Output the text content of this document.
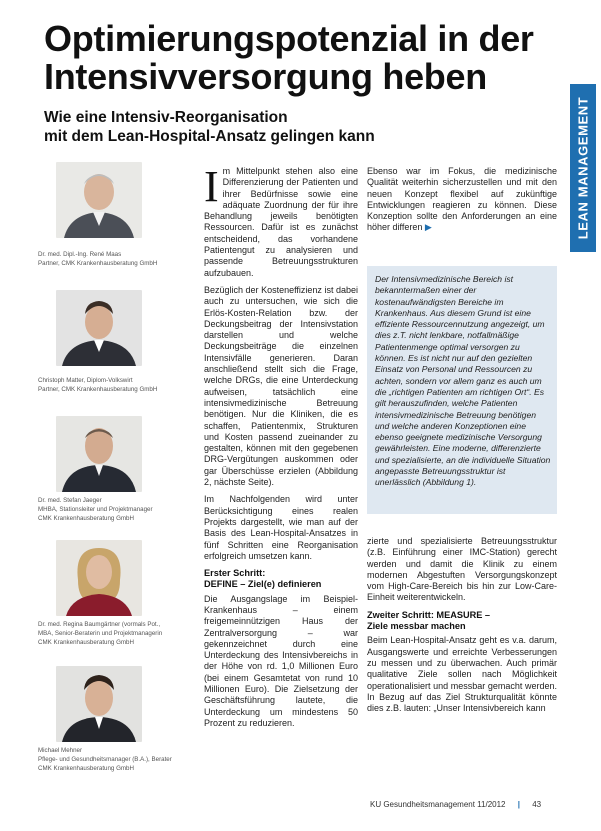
Optimierungspotenzial in der
Intensivversorgung heben
Wie eine Intensiv-Reorganisation
mit dem Lean-Hospital-Ansatz gelingen kann	LEAN MANAGEMENT
Dr. med. Dipl.-Ing. René Maas
Partner, CMK Krankenhausberatung GmbH
Christoph Matter, Diplom-Volkswirt
Partner, CMK Krankenhausberatung GmbH
Dr. med. Stefan Jaeger
MHBA, Stationsleiter und Projektmanager
CMK Krankenhausberatung GmbH
Dr. med. Regina Baumgärtner (vormals Pot.,
MBA, Senior-Beraterin und Projektmanagerin
CMK Krankenhausberatung GmbH
Michael Mehner
Pflege- und Gesundheitsmanager (B.A.), Berater
CMK Krankenhausberatung GmbH

Im Mittelpunkt stehen also eine Differenzierung der Patienten und ihrer Bedürfnisse sowie eine adäquate Zuordnung der für ihre Behandlung jeweils benötigten Ressourcen. Dafür ist es zunächst entscheidend, das vorhandene Patientengut zu analysieren und passende Betreuungsstrukturen aufzubauen.

Bezüglich der Kosteneffizienz ist dabei auch zu untersuchen, wie sich die Erlös-Kosten-Relation bzw. der Deckungsbeitrag der Intensivstation darstellen und welche Deckungsbeiträge die einzelnen Intensivfälle generieren. Daran anschließend stellt sich die Frage, welche DRGs, die eine Unterdeckung aufweisen, tatsächlich eine intensivmedizinische Betreuung benötigen. Nur die Kliniken, die es schaffen, Patientenmix, Strukturen und Kosten passend zueinander zu gestalten, können mit den gegebenen DRG-Vergütungen auskommen oder gar Überschüsse erzielen (Abbildung 2, nächste Seite).

Im Nachfolgenden wird unter Berücksichtigung eines realen Projekts dargestellt, wie man auf der Basis des Lean-Hospital-Ansatzes in fünf Schritten eine Reorganisation erfolgreich umsetzen kann.

Erster Schritt:
DEFINE – Ziel(e) definieren

Die Ausgangslage im Beispiel-Krankenhaus – einem freigemeinnützigen Haus der Zentralversorgung – war gekennzeichnet durch eine Unterdeckung des Intensivbereichs in der Höhe von rd. 1,0 Millionen Euro (bei einem Gesamtetat von rund 10 Millionen Euro). Die Zielsetzung der Geschäftsführung lautete, die Unterdeckung um mindestens 50 Prozent zu reduzieren.

Ebenso war im Fokus, die medizinische Qualität weiterhin sicherzustellen und mit den neuen Konzept flexibel auf zukünftige Entwicklungen reagieren zu können. Diese Konzeption sollte den Anforderungen an eine höher differen ▶

Der Intensivmedizinische Bereich ist bekanntermaßen einer der kostenaufwändigsten Bereiche im Krankenhaus. Aus diesem Grund ist eine effiziente Ressourcennutzung angezeigt, um dies z.T. nicht lenkbare, notfallmäßige Patientenmenge optimal versorgen zu können. Es ist nicht nur auf den gezielten Einsatz von Personal und Ressourcen zu achten, sondern vor allem ganz es auch um die „richtigen Patienten am richtigen Ort“. Es gilt herauszufinden, welche Patienten intensivmedizinische Betreuung benötigen und welche anderen Konzeptionen eine ebenso geeignete medizinische Versorgung gewährleisten. Eine moderne, differenzierte und spezialisierte, an die individuelle Situation angepasste Betreuungsstruktur ist unerlässlich (Abbildung 1).

zierte und spezialisierte Betreuungsstruktur (z.B. Einführung einer IMC-Station) gerecht werden und damit die Klinik zu einem modernen Abgestuften Versorgungskonzept vom High-Care-Bereich bis hin zur Low-Care-Einheit weiterentwickeln.

Zweiter Schritt: MEASURE –
Ziele messbar machen

Beim Lean-Hospital-Ansatz geht es v.a. darum, Ausgangswerte und erreichte Verbesserungen zu messen und zu überwachen. Auch primär qualitative Ziele sollen nach Möglichkeit operationalisiert und messbar gemacht werden. In Bezug auf das Ziel Strukturqualität könnte dies z.B. lauten: „Unser Intensivbereich kann

KU Gesundheitsmanagement 11/2012 | 43
